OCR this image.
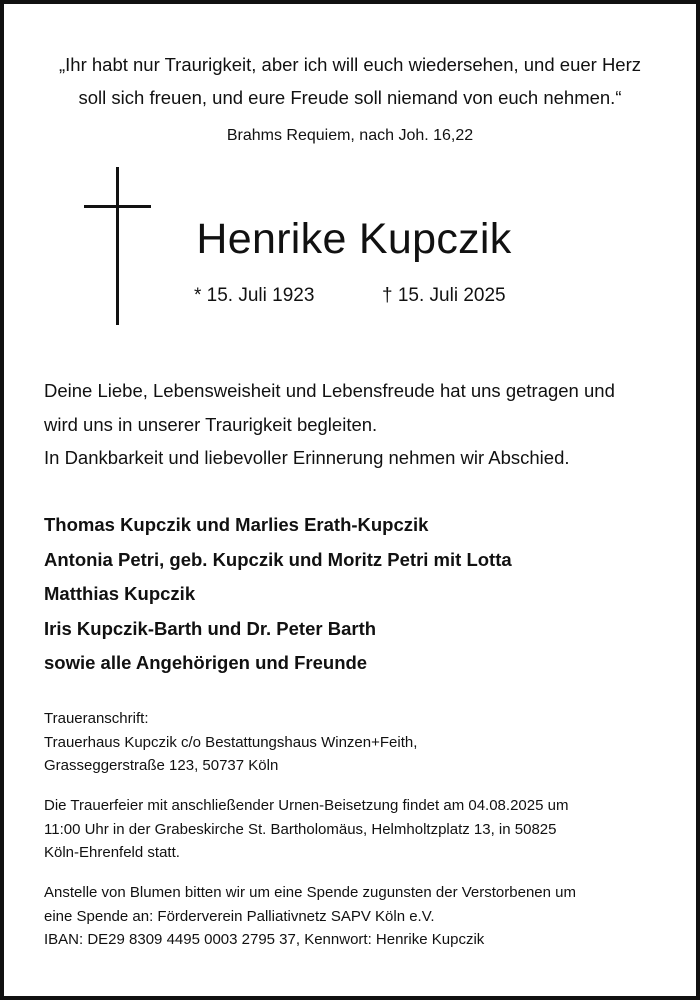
„Ihr habt nur Traurigkeit, aber ich will euch wiedersehen, und euer Herz
soll sich freuen, und eure Freude soll niemand von euch nehmen.“
Brahms Requiem, nach Joh. 16,22
Henrike Kupczik
* 15. Juli 1923	† 15. Juli 2025

Deine Liebe, Lebensweisheit und Lebensfreude hat uns getragen und

wird uns in unserer Traurigkeit begleiten.

In Dankbarkeit und liebevoller Erinnerung nehmen wir Abschied.

Thomas Kupczik und Marlies Erath-Kupczik
Antonia Petri, geb. Kupczik und Moritz Petri mit Lotta
Matthias Kupczik
Iris Kupczik-Barth und Dr. Peter Barth
sowie alle Angehörigen und Freunde
Traueranschrift:
Trauerhaus Kupczik c/o Bestattungshaus Winzen+Feith,
Grasseggerstraße 123, 50737 Köln
Die Trauerfeier mit anschließender Urnen-Beisetzung findet am 04.08.2025 um
11:00 Uhr in der Grabeskirche St. Bartholomäus, Helmholtzplatz 13, in 50825
Köln-Ehrenfeld statt.
Anstelle von Blumen bitten wir um eine Spende zugunsten der Verstorbenen um
eine Spende an: Förderverein Palliativnetz SAPV Köln e.V.
IBAN: DE29 8309 4495 0003 2795 37, Kennwort: Henrike Kupczik
